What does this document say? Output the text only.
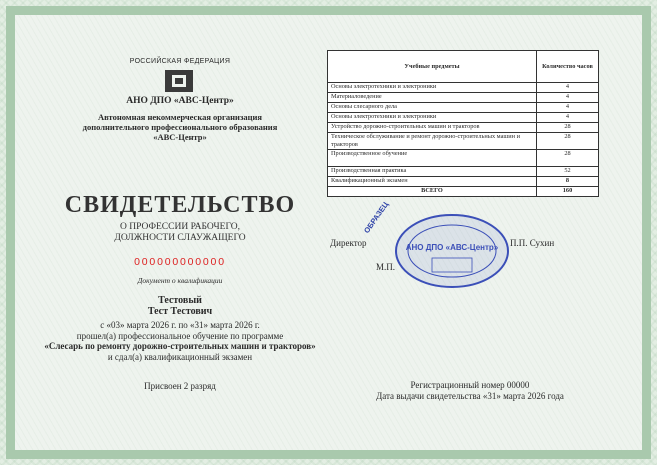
РОССИЙСКАЯ ФЕДЕРАЦИЯ
АНО ДПО «АВС-Центр»
Автономная некоммерческая организация
дополнительного профессионального образования
«АВС-Центр»
СВИДЕТЕЛЬСТВО
О ПРОФЕССИИ РАБОЧЕГО,
ДОЛЖНОСТИ СЛАУЖАЩЕГО
000000000000
Документ о квалификации
Тестовый
Тест Тестович
с «03» марта 2026 г. по «31» марта 2026 г.
прошел(а) профессиональное обучение по программе
«Слесарь по ремонту дорожно-строительных машин и тракторов»
и сдал(а) квалификационный экзамен
Присвоен 2 разряд
Учебные предметы	Количество часов
Основы электротехники и электроники	4
Материаловедение	4
Основы слесарного дела	4
Основы электротехники и электроники	4
Устройство дорожно-строительных машин и тракторов	28
Техническое обслуживание и ремонт дорожно-строительных машин и тракторов	28
Производственное обучение	28
Производственная практика	52
Квалификационный экзамен	8
ВСЕГО	160
ОБРАЗЕЦ
АНО ДПО «АВС-Центр»
Директор	П.П. Сухин
М.П.
Регистрационный номер 00000
Дата выдачи свидетельства «31» марта 2026 года
